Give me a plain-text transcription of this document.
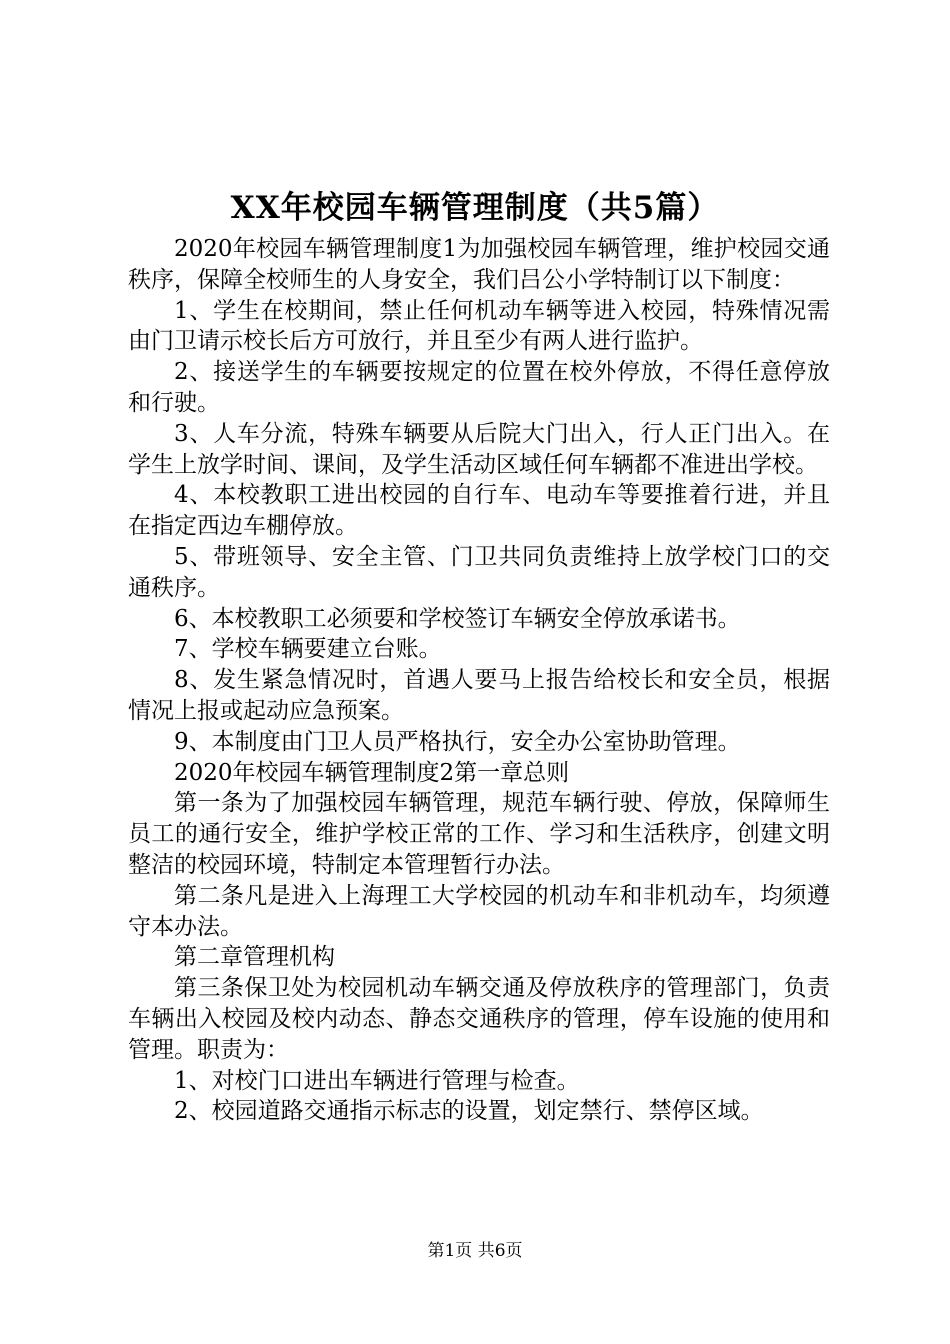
XX年校园车辆管理制度（共5篇）

2020年校园车辆管理制度1为加强校园车辆管理，维护校园交通秩序，保障全校师生的人身安全，我们吕公小学特制订以下制度：

1、学生在校期间，禁止任何机动车辆等进入校园，特殊情况需由门卫请示校长后方可放行，并且至少有两人进行监护。

2、接送学生的车辆要按规定的位置在校外停放，不得任意停放和行驶。

3、人车分流，特殊车辆要从后院大门出入，行人正门出入。在学生上放学时间、课间，及学生活动区域任何车辆都不准进出学校。

4、本校教职工进出校园的自行车、电动车等要推着行进，并且在指定西边车棚停放。

5、带班领导、安全主管、门卫共同负责维持上放学校门口的交通秩序。

6、本校教职工必须要和学校签订车辆安全停放承诺书。

7、学校车辆要建立台账。

8、发生紧急情况时，首遇人要马上报告给校长和安全员，根据情况上报或起动应急预案。

9、本制度由门卫人员严格执行，安全办公室协助管理。

2020年校园车辆管理制度2第一章总则

第一条为了加强校园车辆管理，规范车辆行驶、停放，保障师生员工的通行安全，维护学校正常的工作、学习和生活秩序，创建文明整洁的校园环境，特制定本管理暂行办法。

第二条凡是进入上海理工大学校园的机动车和非机动车，均须遵守本办法。

第二章管理机构

第三条保卫处为校园机动车辆交通及停放秩序的管理部门，负责车辆出入校园及校内动态、静态交通秩序的管理，停车设施的使用和管理。职责为：

1、对校门口进出车辆进行管理与检查。

2、校园道路交通指示标志的设置，划定禁行、禁停区域。

第1页 共6页
